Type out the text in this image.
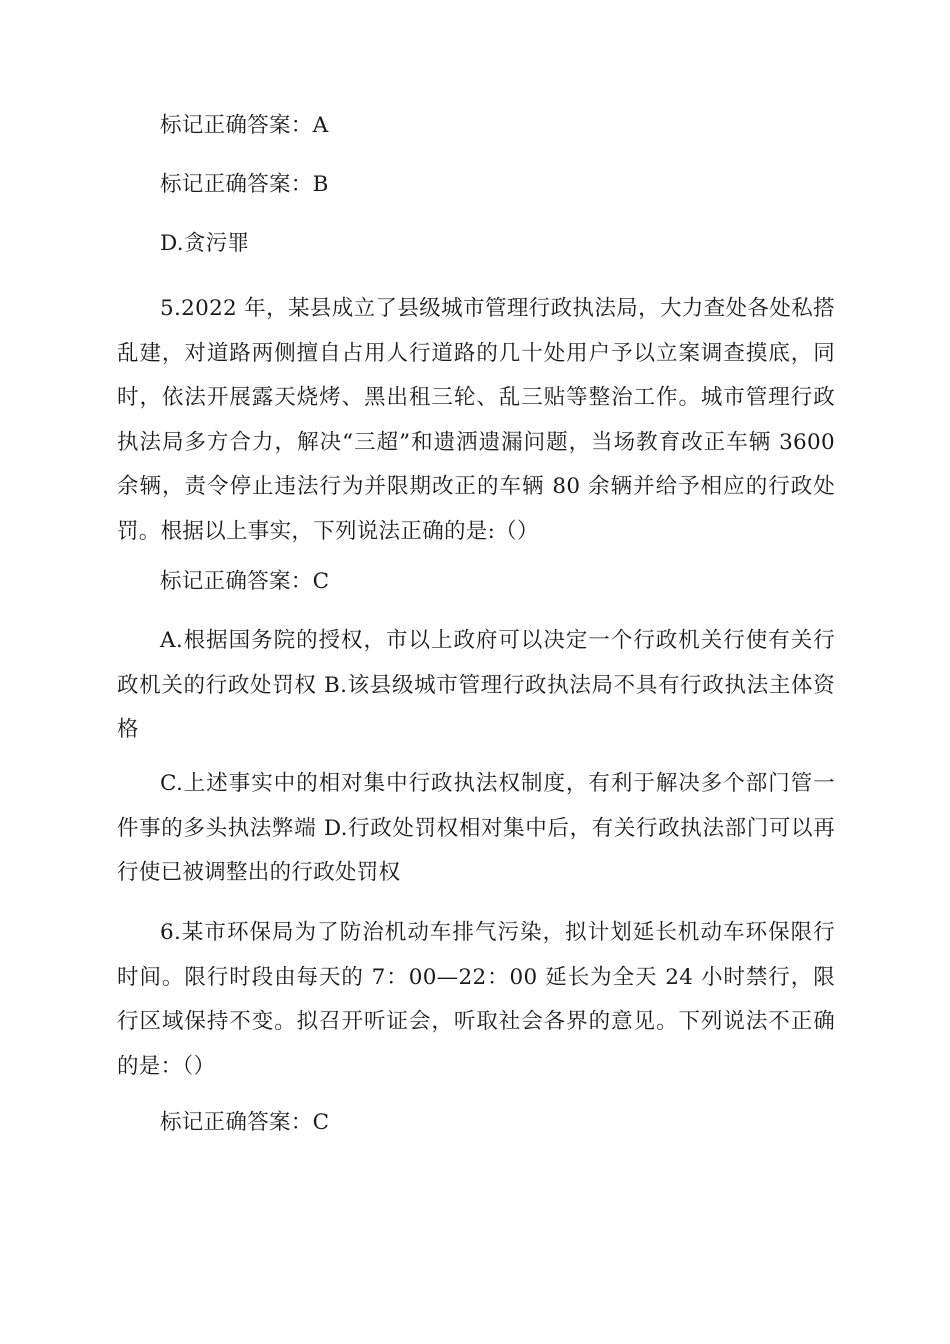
标记正确答案：A

标记正确答案：B

D.贪污罪

5.2022 年，某县成立了县级城市管理行政执法局，大力查处各处私搭乱建，对道路两侧擅自占用人行道路的几十处用户予以立案调查摸底，同时，依法开展露天烧烤、黑出租三轮、乱三贴等整治工作。城市管理行政执法局多方合力，解决“三超”和遗洒遗漏问题，当场教育改正车辆 3600 余辆，责令停止违法行为并限期改正的车辆 80 余辆并给予相应的行政处罚。根据以上事实，下列说法正确的是:（）

标记正确答案：C

A.根据国务院的授权，市以上政府可以决定一个行政机关行使有关行政机关的行政处罚权 B.该县级城市管理行政执法局不具有行政执法主体资格

C.上述事实中的相对集中行政执法权制度，有利于解决多个部门管一件事的多头执法弊端 D.行政处罚权相对集中后，有关行政执法部门可以再行使已被调整出的行政处罚权

6.某市环保局为了防治机动车排气污染，拟计划延长机动车环保限行时间。限行时段由每天的 7：00—22：00 延长为全天 24 小时禁行，限行区域保持不变。拟召开听证会，听取社会各界的意见。下列说法不正确的是：（）

标记正确答案：C
